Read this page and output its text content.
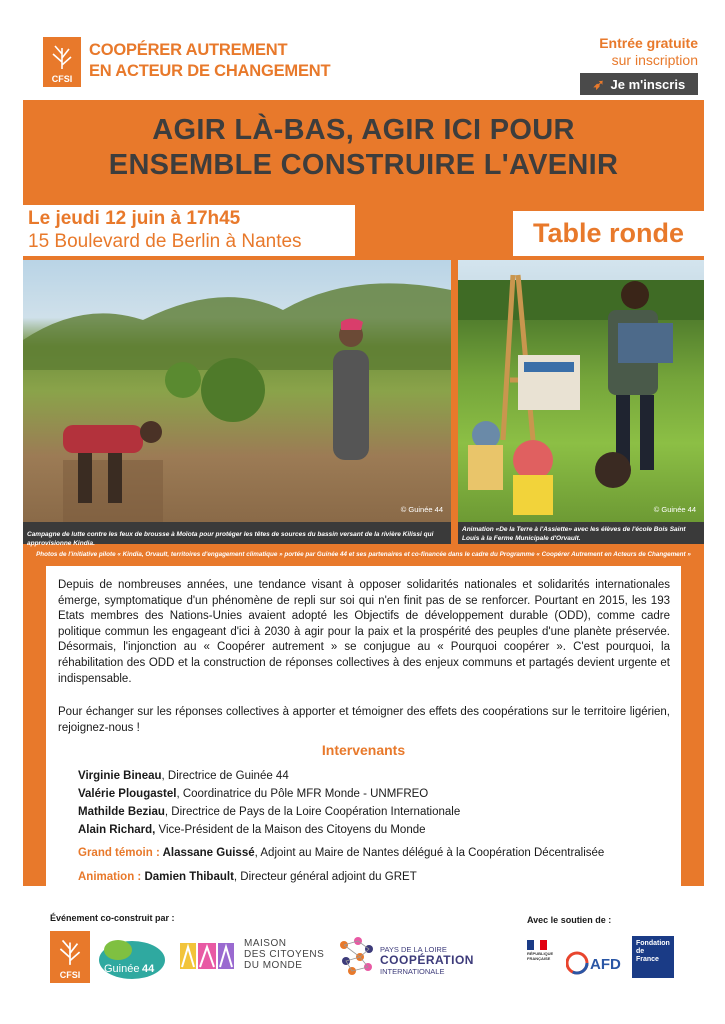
CFSI
COOPÉRER AUTREMENT
EN ACTEUR DE CHANGEMENT
Entrée gratuite
sur inscription
➶ Je m'inscris
AGIR LÀ-BAS, AGIR ICI POUR
ENSEMBLE CONSTRUIRE L'AVENIR
Le jeudi 12 juin à 17h45
15 Boulevard de Berlin à Nantes	Table ronde
© Guinée 44	© Guinée 44
Campagne de lutte contre les feux de brousse à Moïota pour protéger les têtes de sources du bassin versant de la rivière Kilissi qui approvisionne Kindia.
Animation «De la Terre à l'Assiette» avec les élèves de l'école Bois Saint Louis à la Ferme Municipale d'Orvault.
Photos de l'initiative pilote « Kindia, Orvault, territoires d'engagement climatique » portée par Guinée 44 et ses partenaires et co-financée dans le cadre du Programme « Coopérer Autrement en Acteurs de Changement »
Depuis de nombreuses années, une tendance visant à opposer solidarités nationales et solidarités internationales émerge, symptomatique d'un phénomène de repli sur soi qui n'en finit pas de se renforcer. Pourtant en 2015, les 193 Etats membres des Nations-Unies avaient adopté les Objectifs de développement durable (ODD), comme cadre politique commun les engageant d'ici à 2030 à agir pour la paix et la prospérité des peuples d'une planète préservée. Désormais, l'injonction au « Coopérer autrement » se conjugue au « Pourquoi coopérer ». C'est pourquoi, la réhabilitation des ODD et la construction de réponses collectives à des enjeux communs et partagés devient urgente et indispensable.
Pour échanger sur les réponses collectives à apporter et témoigner des effets des coopérations sur le territoire ligérien, rejoignez-nous !
Intervenants
Virginie Bineau, Directrice de Guinée 44
Valérie Plougastel, Coordinatrice du Pôle MFR Monde - UNMFREO
Mathilde Beziau, Directrice de Pays de la Loire Coopération Internationale
Alain Richard, Vice-Président de la Maison des Citoyens du Monde
Grand témoin : Alassane Guissé, Adjoint au Maire de Nantes délégué à la Coopération Décentralisée
Animation : Damien Thibault, Directeur général adjoint du GRET
Événement co-construit par :	Avec le soutien de :
CFSI	Guinée 44
MAISON
DES CITOYENS
DU MONDE
PAYS DE LA LOIRE
COOPÉRATION
INTERNATIONALE
RÉPUBLIQUE FRANÇAISE	AFD
Fondation
de
France
